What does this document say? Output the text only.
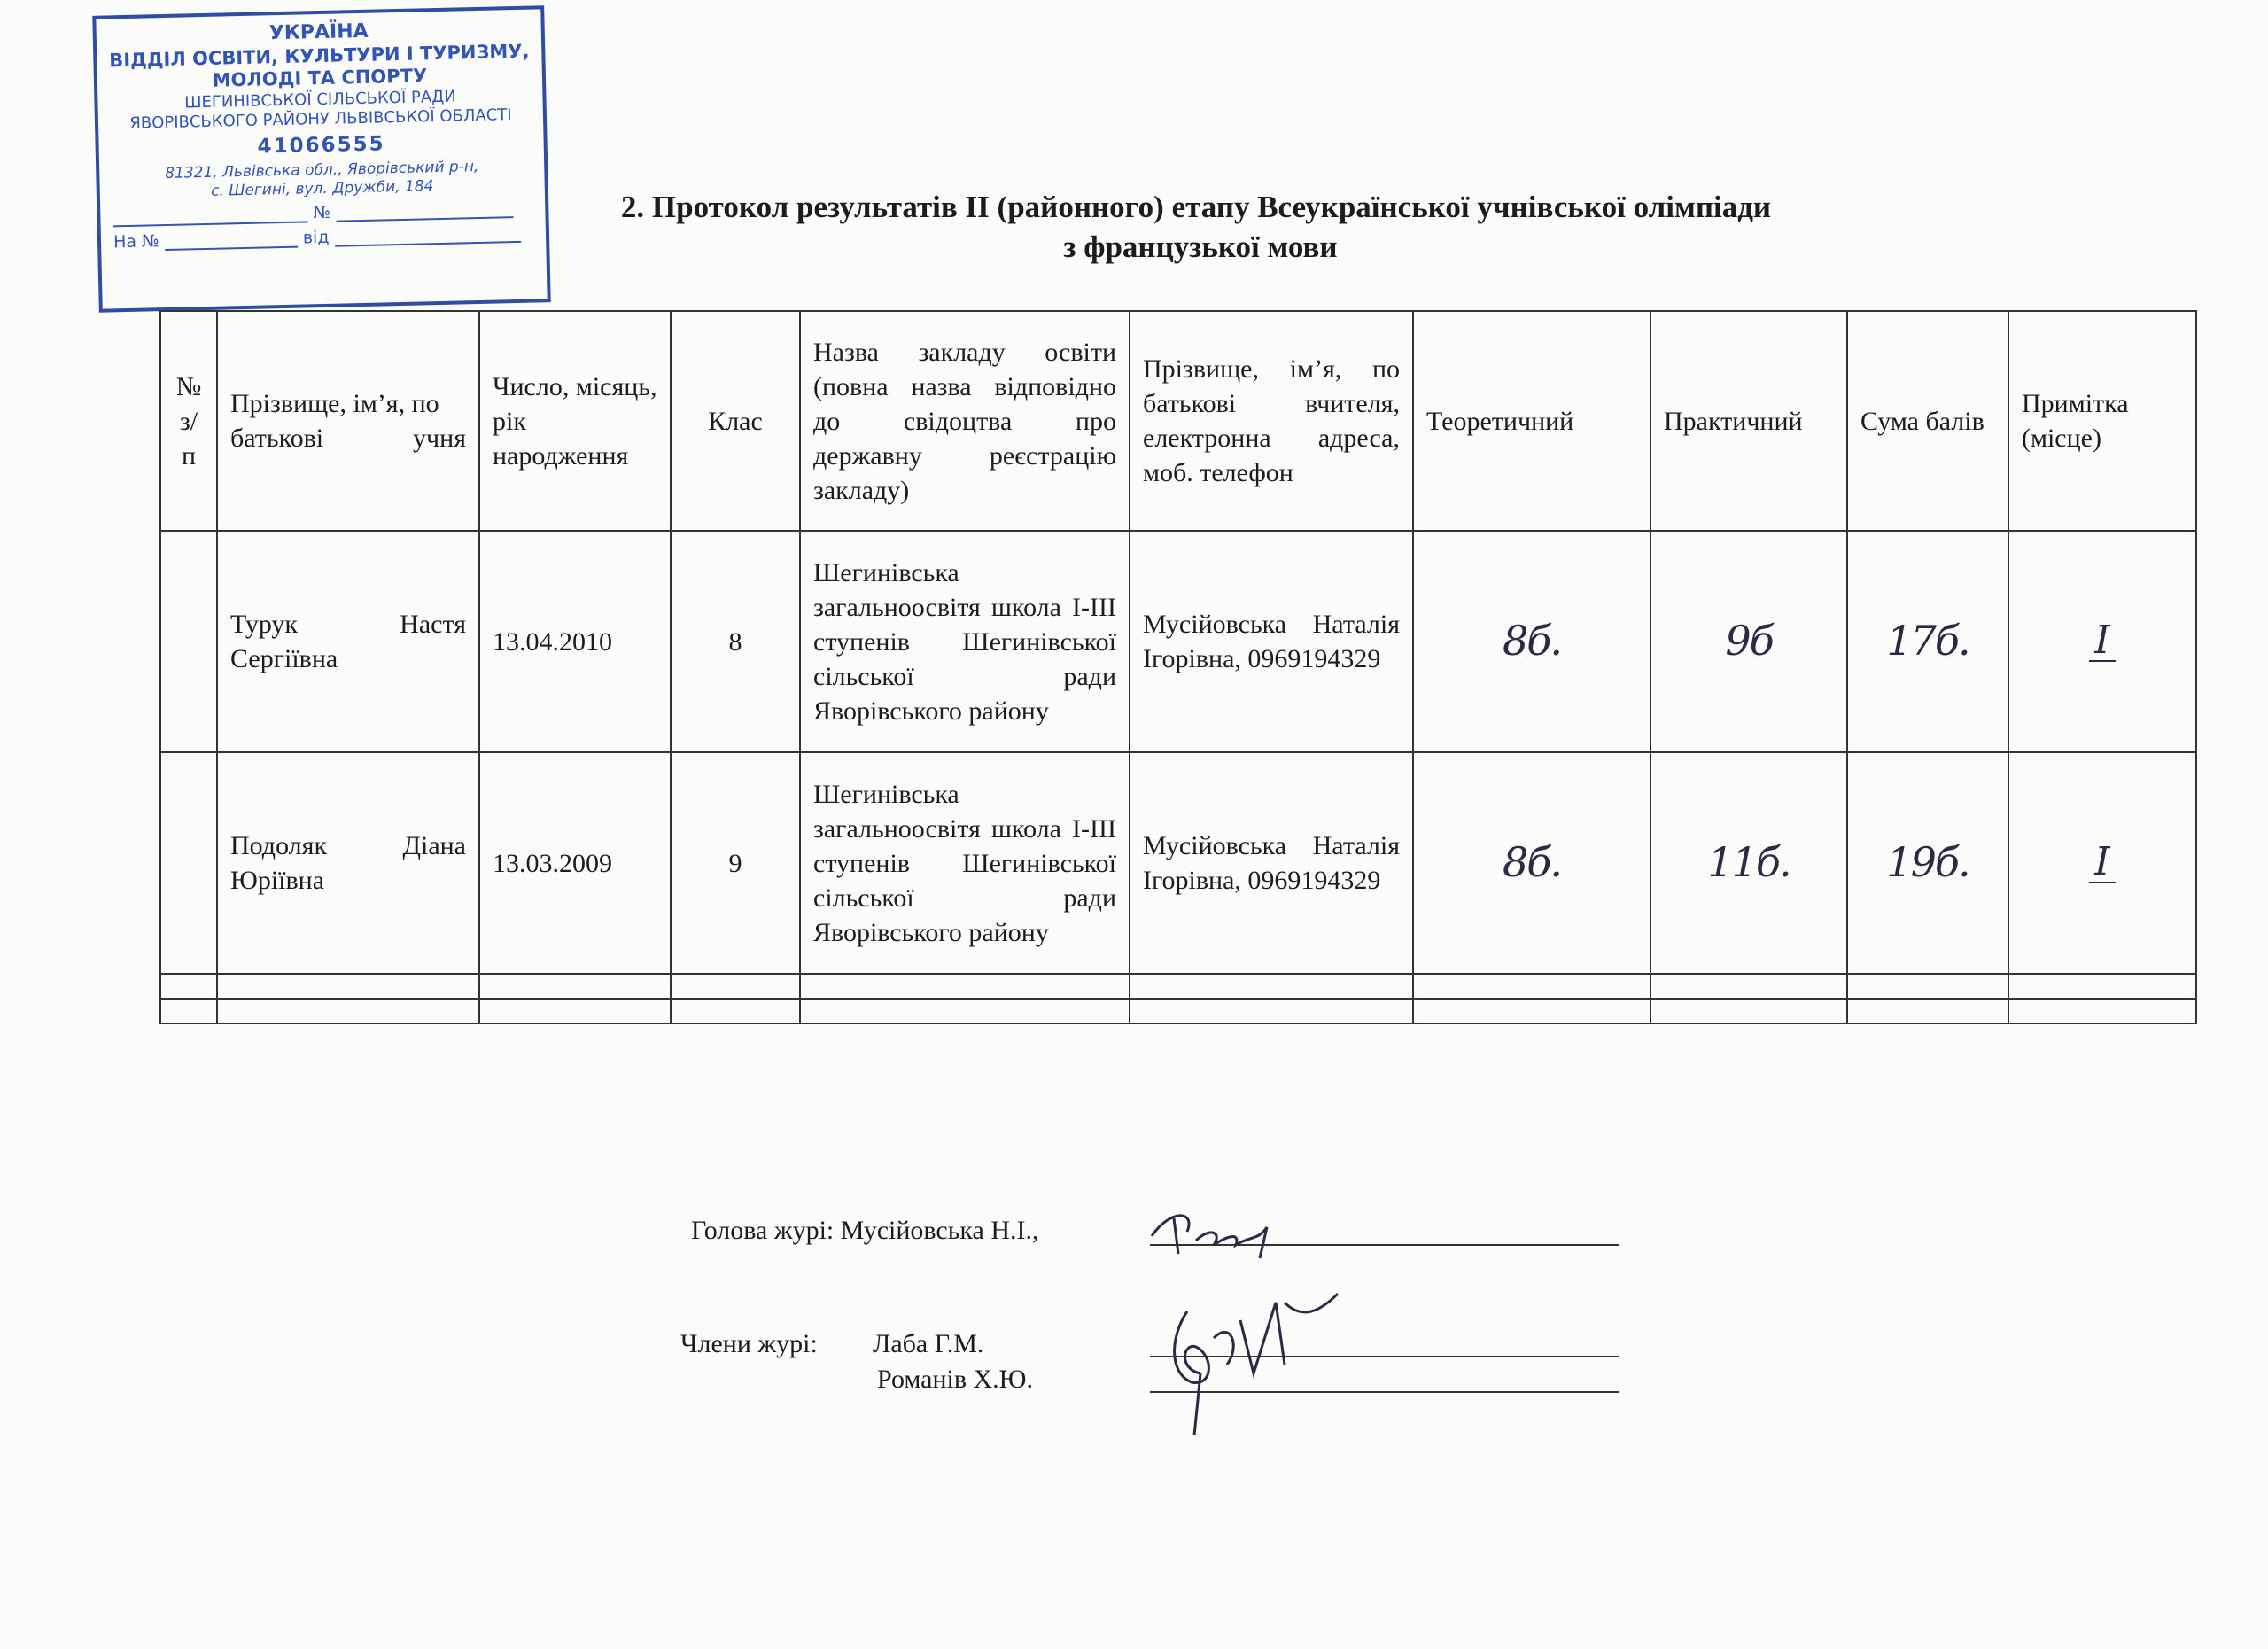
УКРАЇНА
ВІДДІЛ ОСВІТИ, КУЛЬТУРИ І ТУРИЗМУ,
МОЛОДІ ТА СПОРТУ
ШЕГИНІВСЬКОЇ СІЛЬСЬКОЇ РАДИ
ЯВОРІВСЬКОГО РАЙОНУ ЛЬВІВСЬКОЇ ОБЛАСТІ
41066555
81321, Львівська обл., Яворівський р-н,
с. Шегині, вул. Дружби, 184
№
На №	від
2. Протокол результатів ІІ (районного) етапу Всеукраїнської учнівської олімпіади
з французької мови
№ з/п	Прізвище, ім’я, по батькові учня	Число, місяць, рік народження	Клас	Назва закладу освіти (повна назва відповідно до свідоцтва про державну реєстрацію закладу)	Прізвище, ім’я, по батькові вчителя, електронна адреса, моб. телефон	Теоретичний	Практичний	Сума балів	Примітка (місце)
	Турук Настя Сергіївна	13.04.2010	8	Шегинівська загальноосвітя школа І-ІІІ ступенів Шегинівської сільської ради Яворівського району	Мусійовська Наталія Ігорівна, 0969194329	8б.	9б	17б.	І
	Подоляк Діана Юріївна	13.03.2009	9	Шегинівська загальноосвітя школа І-ІІІ ступенів Шегинівської сільської ради Яворівського району	Мусійовська Наталія Ігорівна, 0969194329	8б.	11б.	19б.	І

Голова журі: Мусійовська Н.І.,
Члени журі: Лаба Г.М.
Романів Х.Ю.
